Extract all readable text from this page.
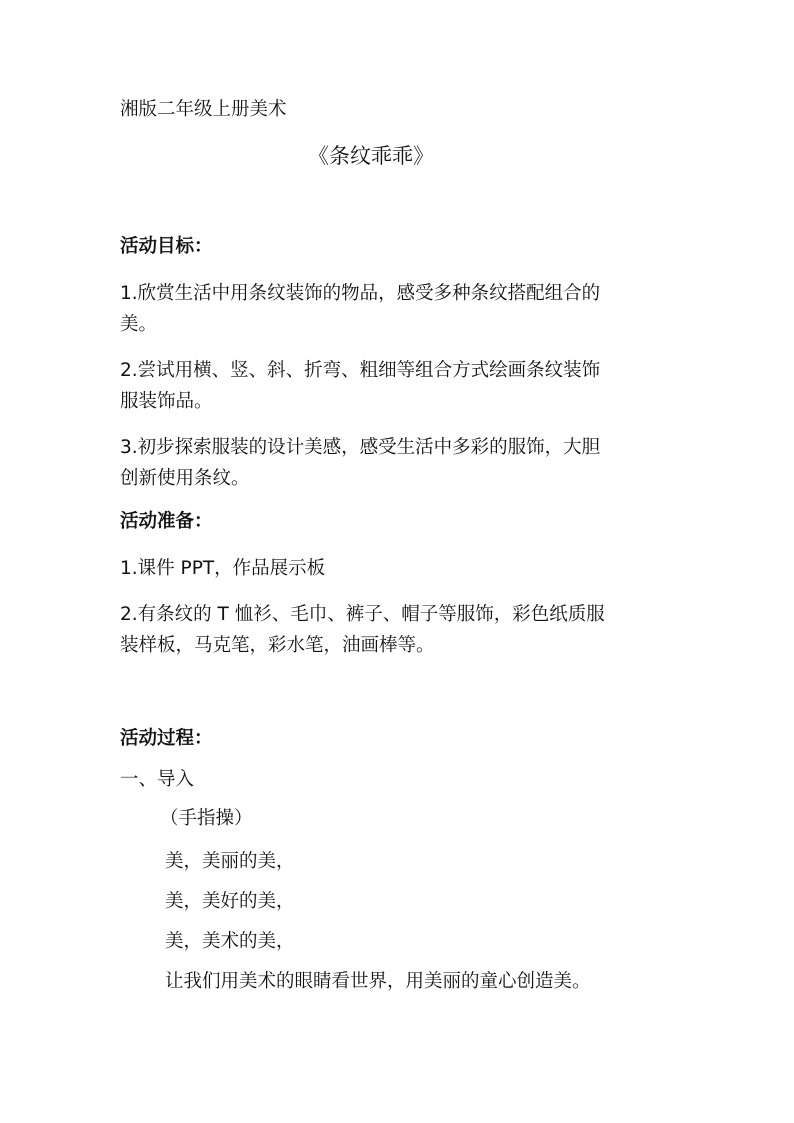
湘版二年级上册美术
《条纹乖乖》
活动目标：
1.欣赏生活中用条纹装饰的物品，感受多种条纹搭配组合的
美。
2.尝试用横、竖、斜、折弯、粗细等组合方式绘画条纹装饰
服装饰品。
3.初步探索服装的设计美感，感受生活中多彩的服饰，大胆
创新使用条纹。
活动准备：
1.课件 PPT，作品展示板
2.有条纹的 T 恤衫、毛巾、裤子、帽子等服饰，彩色纸质服
装样板，马克笔，彩水笔，油画棒等。
活动过程：
一、导入
（手指操）
美，美丽的美，
美，美好的美，
美，美术的美，
让我们用美术的眼睛看世界，用美丽的童心创造美。
